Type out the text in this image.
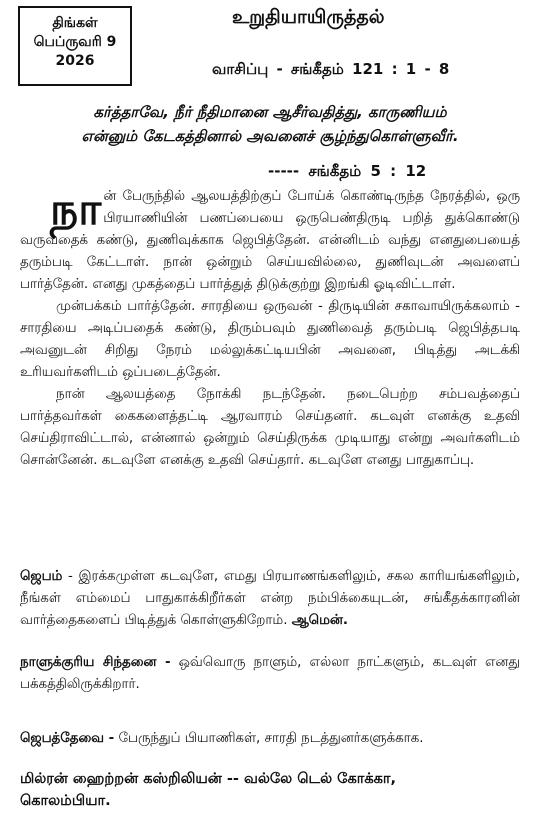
திங்கள்
பெப்ருவரி 9
2026
உறுதியாயிருத்தல்
வாசிப்பு - சங்கீதம் 121 : 1 - 8
கர்த்தாவே, நீர் நீதிமானை ஆசீர்வதித்து, காருணியம்
என்னும் கேடகத்தினால் அவனைச் சூழ்ந்துகொள்ளுவீர்.
----- சங்கீதம் 5 : 12

நான் பேருந்தில் ஆலயத்திற்குப் போய்க் கொண்டிருந்த நேரத்தில், ஒரு பிரயாணியின் பணப்பையை ஒருபெண்திருடி பறித் துக்கொண்டு வருவதைக் கண்டு, துணிவுக்காக ஜெபித்தேன். என்னிடம் வந்து எனதுபையைத் தரும்படி கேட்டாள். நான் ஒன்றும் செய்யவில்லை, துணிவுடன் அவளைப் பார்த்தேன். எனது முகத்தைப் பார்த்துத் திடுக்குற்று இறங்கி ஓடிவிட்டாள்.

முன்பக்கம் பார்த்தேன். சாரதியை ஒருவன் - திருடியின் சகாவாயிருக்கலாம் - சாரதியை அடிப்பதைக் கண்டு, திரும்பவும் துணிவைத் தரும்படி ஜெபித்தபடி அவனுடன் சிறிது நேரம் மல்லுக்கட்டியபின் அவனை, பிடித்து அடக்கி உரியவர்களிடம் ஒப்படைத்தேன்.

நான் ஆலயத்தை நோக்கி நடந்தேன். நடைபெற்ற சம்பவத்தைப் பார்த்தவர்கள் கைகளைத்தட்டி ஆரவாரம் செய்தனர். கடவுள் எனக்கு உதவி செய்திராவிட்டால், என்னால் ஒன்றும் செய்திருக்க முடியாது என்று அவர்களிடம் சொன்னேன். கடவுளே எனக்கு உதவி செய்தார். கடவுளே எனது பாதுகாப்பு.

ஜெபம் - இரக்கமுள்ள கடவுளே, எமது பிரயாணங்களிலும், சகல காரியங்களிலும், நீங்கள் எம்மைப் பாதுகாக்கிறீர்கள் என்ற நம்பிக்கையுடன், சங்கீதக்காரனின் வார்த்தைகளைப் பிடித்துக் கொள்ளுகிறோம். ஆமென்.
நாளுக்குரிய சிந்தனை - ஒவ்வொரு நாளும், எல்லா நாட்களும், கடவுள் எனது பக்கத்திலிருக்கிறார்.
ஜெபத்தேவை - பேருந்துப் பியாணிகள், சாரதி நடத்துனர்களுக்காக.
மில்ரன் ஹைற்றன் கஸ்றிலியன் -- வல்லே டெல் கோக்கா,
கொலம்பியா.
